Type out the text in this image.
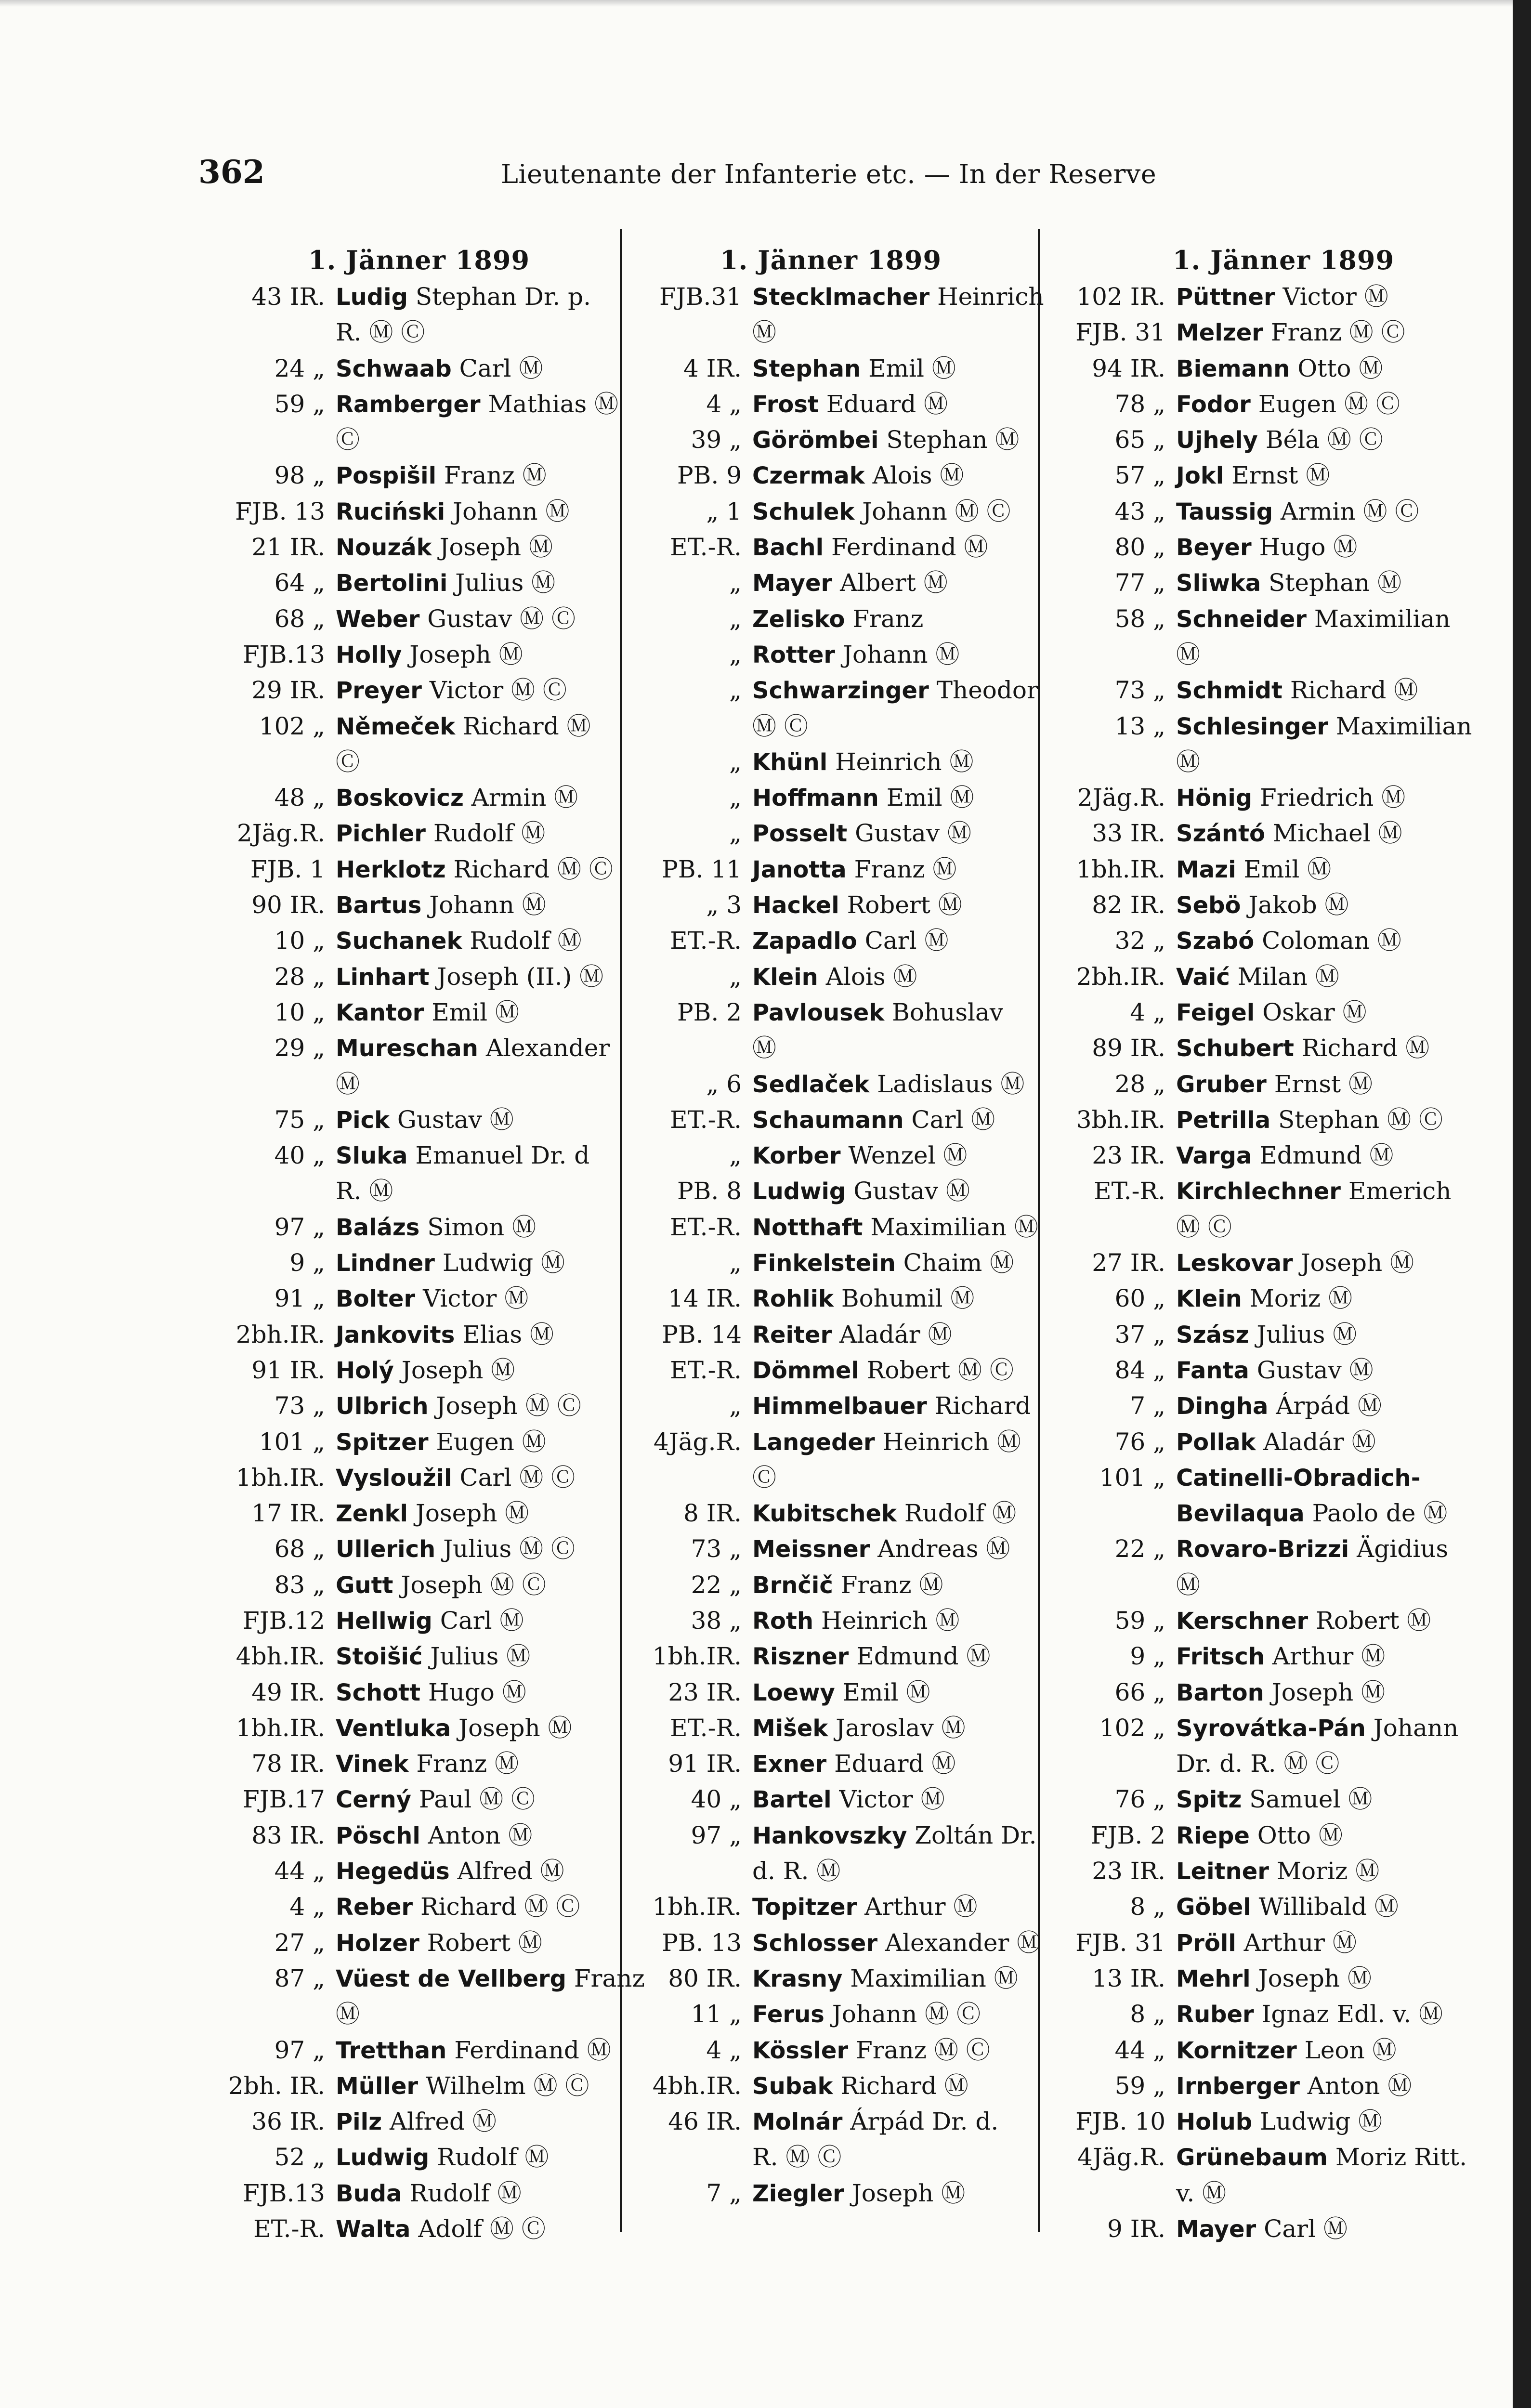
362	Lieutenante der Infanterie etc. — In der Reserve
1. Jänner 1899
43 IR. Ludig Stephan Dr. p.
R. Ⓜ Ⓒ
24 „ Schwaab Carl Ⓜ
59 „ Ramberger Mathias Ⓜ
Ⓒ
98 „ Pospišil Franz Ⓜ
FJB. 13 Ruciński Johann Ⓜ
21 IR. Nouzák Joseph Ⓜ
64 „ Bertolini Julius Ⓜ
68 „ Weber Gustav Ⓜ Ⓒ
FJB.13 Holly Joseph Ⓜ
29 IR. Preyer Victor Ⓜ Ⓒ
102 „ Němeček Richard Ⓜ
Ⓒ
48 „ Boskovicz Armin Ⓜ
2Jäg.R. Pichler Rudolf Ⓜ
FJB. 1 Herklotz Richard Ⓜ Ⓒ
90 IR. Bartus Johann Ⓜ
10 „ Suchanek Rudolf Ⓜ
28 „ Linhart Joseph (II.) Ⓜ
10 „ Kantor Emil Ⓜ
29 „ Mureschan Alexander
Ⓜ
75 „ Pick Gustav Ⓜ
40 „ Sluka Emanuel Dr. d
R. Ⓜ
97 „ Balázs Simon Ⓜ
9 „ Lindner Ludwig Ⓜ
91 „ Bolter Victor Ⓜ
2bh.IR. Jankovits Elias Ⓜ
91 IR. Holý Joseph Ⓜ
73 „ Ulbrich Joseph Ⓜ Ⓒ
101 „ Spitzer Eugen Ⓜ
1bh.IR. Vysloužil Carl Ⓜ Ⓒ
17 IR. Zenkl Joseph Ⓜ
68 „ Ullerich Julius Ⓜ Ⓒ
83 „ Gutt Joseph Ⓜ Ⓒ
FJB.12 Hellwig Carl Ⓜ
4bh.IR. Stoišić Julius Ⓜ
49 IR. Schott Hugo Ⓜ
1bh.IR. Ventluka Joseph Ⓜ
78 IR. Vinek Franz Ⓜ
FJB.17 Cerný Paul Ⓜ Ⓒ
83 IR. Pöschl Anton Ⓜ
44 „ Hegedüs Alfred Ⓜ
4 „ Reber Richard Ⓜ Ⓒ
27 „ Holzer Robert Ⓜ
87 „ Vüest de Vellberg Franz
Ⓜ
97 „ Tretthan Ferdinand Ⓜ
2bh. IR. Müller Wilhelm Ⓜ Ⓒ
36 IR. Pilz Alfred Ⓜ
52 „ Ludwig Rudolf Ⓜ
FJB.13 Buda Rudolf Ⓜ
ET.-R. Walta Adolf Ⓜ Ⓒ
1. Jänner 1899
FJB.31 Stecklmacher Heinrich
Ⓜ
4 IR. Stephan Emil Ⓜ
4 „ Frost Eduard Ⓜ
39 „ Görömbei Stephan Ⓜ
PB. 9 Czermak Alois Ⓜ
„ 1 Schulek Johann Ⓜ Ⓒ
ET.-R. Bachl Ferdinand Ⓜ
„ Mayer Albert Ⓜ
„ Zelisko Franz
„ Rotter Johann Ⓜ
„ Schwarzinger Theodor
Ⓜ Ⓒ
„ Khünl Heinrich Ⓜ
„ Hoffmann Emil Ⓜ
„ Posselt Gustav Ⓜ
PB. 11 Janotta Franz Ⓜ
„ 3 Hackel Robert Ⓜ
ET.-R. Zapadlo Carl Ⓜ
„ Klein Alois Ⓜ
PB. 2 Pavlousek Bohuslav
Ⓜ
„ 6 Sedlaček Ladislaus Ⓜ
ET.-R. Schaumann Carl Ⓜ
„ Korber Wenzel Ⓜ
PB. 8 Ludwig Gustav Ⓜ
ET.-R. Notthaft Maximilian Ⓜ
„ Finkelstein Chaim Ⓜ
14 IR. Rohlik Bohumil Ⓜ
PB. 14 Reiter Aladár Ⓜ
ET.-R. Dömmel Robert Ⓜ Ⓒ
„ Himmelbauer Richard
4Jäg.R. Langeder Heinrich Ⓜ
Ⓒ
8 IR. Kubitschek Rudolf Ⓜ
73 „ Meissner Andreas Ⓜ
22 „ Brnčič Franz Ⓜ
38 „ Roth Heinrich Ⓜ
1bh.IR. Riszner Edmund Ⓜ
23 IR. Loewy Emil Ⓜ
ET.-R. Mišek Jaroslav Ⓜ
91 IR. Exner Eduard Ⓜ
40 „ Bartel Victor Ⓜ
97 „ Hankovszky Zoltán Dr.
d. R. Ⓜ
1bh.IR. Topitzer Arthur Ⓜ
PB. 13 Schlosser Alexander Ⓜ
80 IR. Krasny Maximilian Ⓜ
11 „ Ferus Johann Ⓜ Ⓒ
4 „ Kössler Franz Ⓜ Ⓒ
4bh.IR. Subak Richard Ⓜ
46 IR. Molnár Árpád Dr. d.
R. Ⓜ Ⓒ
7 „ Ziegler Joseph Ⓜ
1. Jänner 1899
102 IR. Püttner Victor Ⓜ
FJB. 31 Melzer Franz Ⓜ Ⓒ
94 IR. Biemann Otto Ⓜ
78 „ Fodor Eugen Ⓜ Ⓒ
65 „ Ujhely Béla Ⓜ Ⓒ
57 „ Jokl Ernst Ⓜ
43 „ Taussig Armin Ⓜ Ⓒ
80 „ Beyer Hugo Ⓜ
77 „ Sliwka Stephan Ⓜ
58 „ Schneider Maximilian
Ⓜ
73 „ Schmidt Richard Ⓜ
13 „ Schlesinger Maximilian
Ⓜ
2Jäg.R. Hönig Friedrich Ⓜ
33 IR. Szántó Michael Ⓜ
1bh.IR. Mazi Emil Ⓜ
82 IR. Sebö Jakob Ⓜ
32 „ Szabó Coloman Ⓜ
2bh.IR. Vaić Milan Ⓜ
4 „ Feigel Oskar Ⓜ
89 IR. Schubert Richard Ⓜ
28 „ Gruber Ernst Ⓜ
3bh.IR. Petrilla Stephan Ⓜ Ⓒ
23 IR. Varga Edmund Ⓜ
ET.-R. Kirchlechner Emerich
Ⓜ Ⓒ
27 IR. Leskovar Joseph Ⓜ
60 „ Klein Moriz Ⓜ
37 „ Szász Julius Ⓜ
84 „ Fanta Gustav Ⓜ
7 „ Dingha Árpád Ⓜ
76 „ Pollak Aladár Ⓜ
101 „ Catinelli-Obradich-
Bevilaqua Paolo de Ⓜ
22 „ Rovaro-Brizzi Ägidius
Ⓜ
59 „ Kerschner Robert Ⓜ
9 „ Fritsch Arthur Ⓜ
66 „ Barton Joseph Ⓜ
102 „ Syrovátka-Pán Johann
Dr. d. R. Ⓜ Ⓒ
76 „ Spitz Samuel Ⓜ
FJB. 2 Riepe Otto Ⓜ
23 IR. Leitner Moriz Ⓜ
8 „ Göbel Willibald Ⓜ
FJB. 31 Pröll Arthur Ⓜ
13 IR. Mehrl Joseph Ⓜ
8 „ Ruber Ignaz Edl. v. Ⓜ
44 „ Kornitzer Leon Ⓜ
59 „ Irnberger Anton Ⓜ
FJB. 10 Holub Ludwig Ⓜ
4Jäg.R. Grünebaum Moriz Ritt.
v. Ⓜ
9 IR. Mayer Carl Ⓜ
